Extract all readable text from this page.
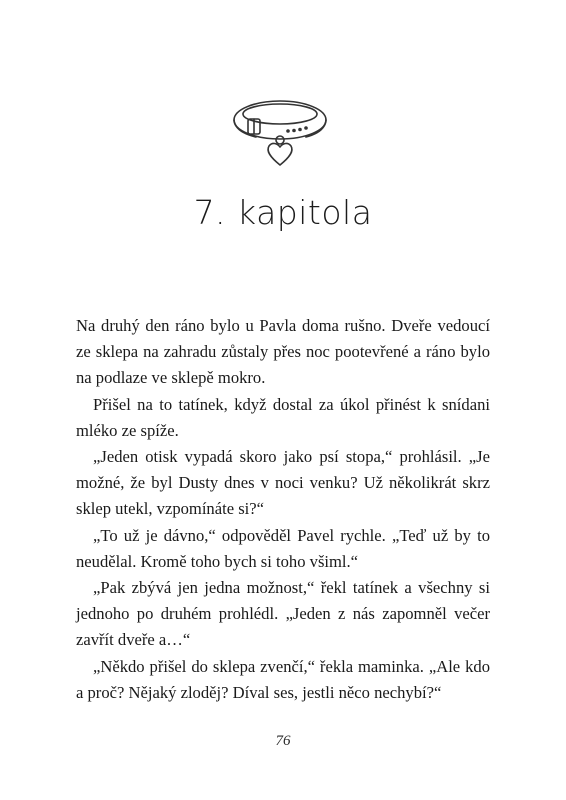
7. kapitola

Na druhý den ráno bylo u Pavla doma rušno. Dveře vedoucí ze sklepa na zahradu zůstaly přes noc pootevřené a ráno bylo na podlaze ve sklepě mokro.

Přišel na to tatínek, když dostal za úkol přinést k snídani mléko ze spíže.

„Jeden otisk vypadá skoro jako psí stopa,“ prohlásil. „Je možné, že byl Dusty dnes v noci venku? Už několikrát skrz sklep utekl, vzpomínáte si?“

„To už je dávno,“ odpověděl Pavel rychle. „Teď už by to neudělal. Kromě toho bych si toho všiml.“

„Pak zbývá jen jedna možnost,“ řekl tatínek a všechny si jednoho po druhém prohlédl. „Jeden z nás zapomněl večer zavřít dveře a…“

„Někdo přišel do sklepa zvenčí,“ řekla maminka. „Ale kdo a proč? Nějaký zloděj? Díval ses, jestli něco nechybí?“

76
